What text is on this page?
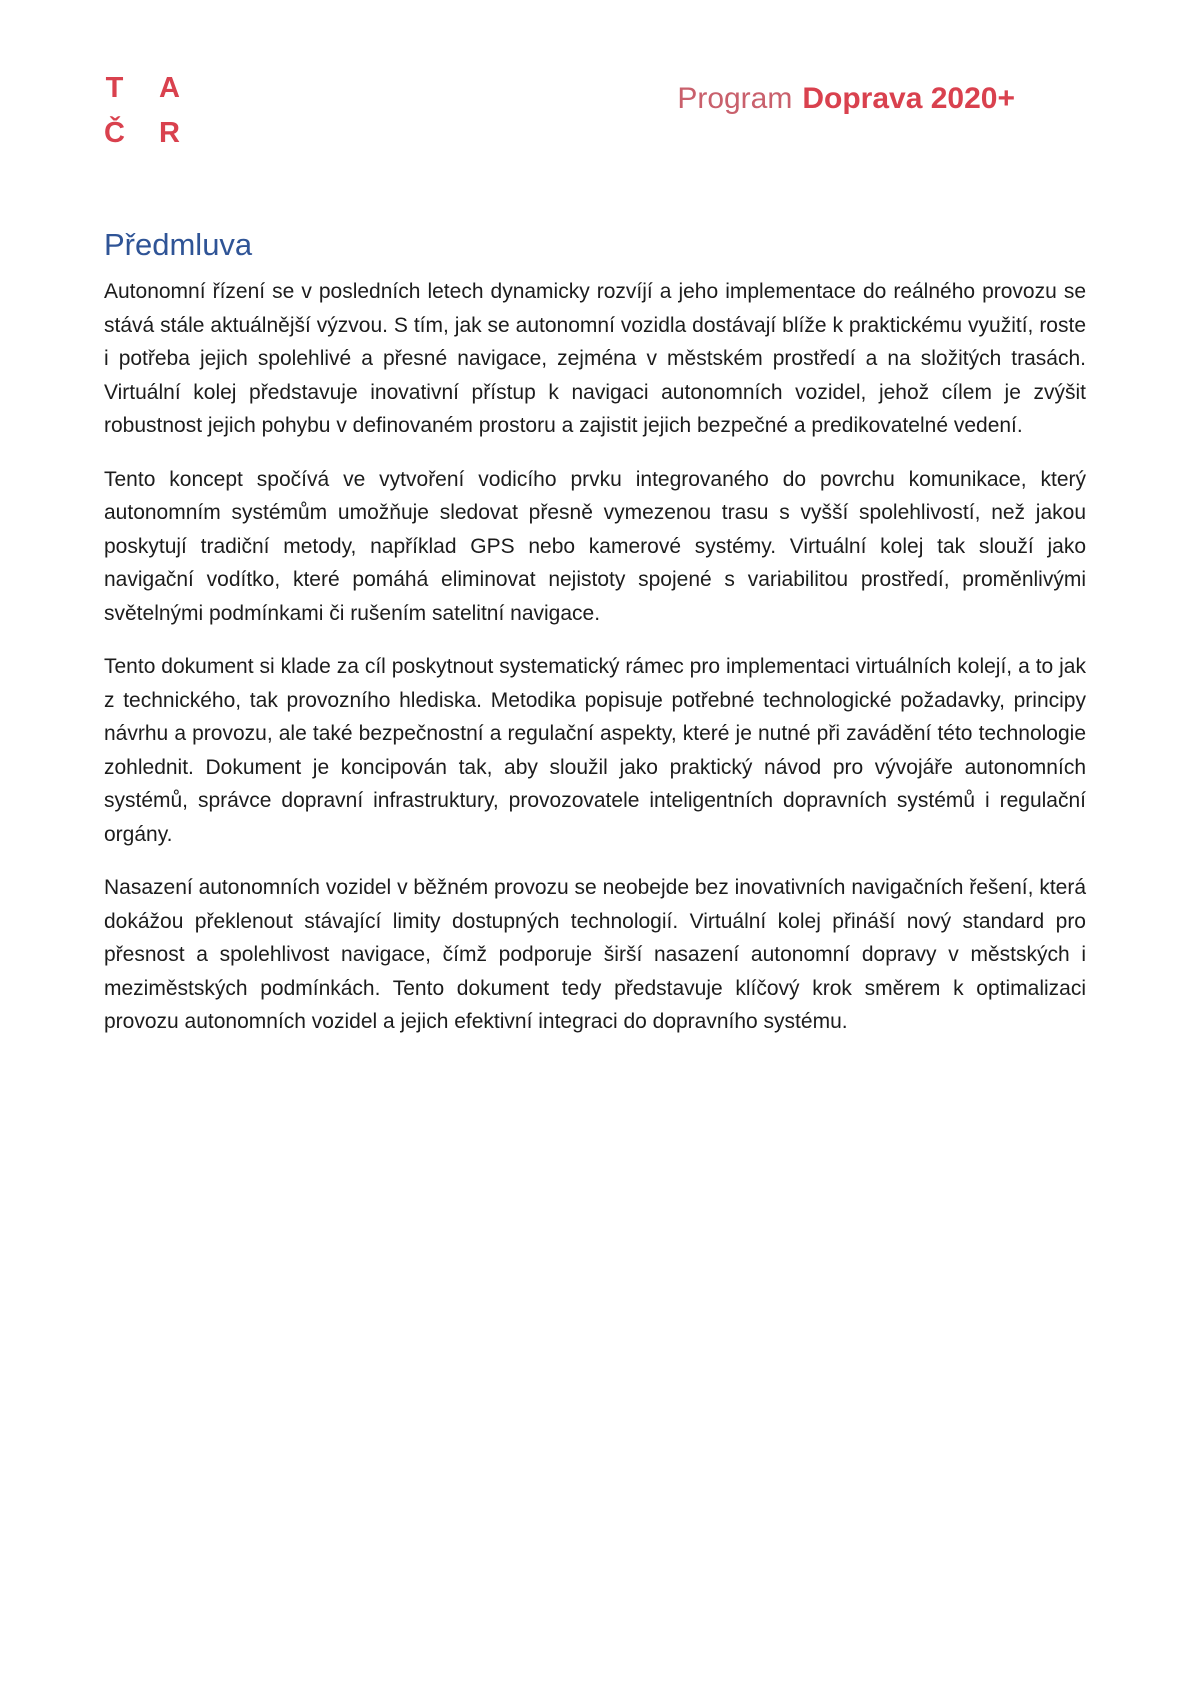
T A
Č R
Program Doprava 2020+
Předmluva

Autonomní řízení se v posledních letech dynamicky rozvíjí a jeho implementace do reálného provozu se stává stále aktuálnější výzvou. S tím, jak se autonomní vozidla dostávají blíže k praktickému využití, roste i potřeba jejich spolehlivé a přesné navigace, zejména v městském prostředí a na složitých trasách. Virtuální kolej představuje inovativní přístup k navigaci autonomních vozidel, jehož cílem je zvýšit robustnost jejich pohybu v definovaném prostoru a zajistit jejich bezpečné a predikovatelné vedení.

Tento koncept spočívá ve vytvoření vodicího prvku integrovaného do povrchu komunikace, který autonomním systémům umožňuje sledovat přesně vymezenou trasu s vyšší spolehlivostí, než jakou poskytují tradiční metody, například GPS nebo kamerové systémy. Virtuální kolej tak slouží jako navigační vodítko, které pomáhá eliminovat nejistoty spojené s variabilitou prostředí, proměnlivými světelnými podmínkami či rušením satelitní navigace.

Tento dokument si klade za cíl poskytnout systematický rámec pro implementaci virtuálních kolejí, a to jak z technického, tak provozního hlediska. Metodika popisuje potřebné technologické požadavky, principy návrhu a provozu, ale také bezpečnostní a regulační aspekty, které je nutné při zavádění této technologie zohlednit. Dokument je koncipován tak, aby sloužil jako praktický návod pro vývojáře autonomních systémů, správce dopravní infrastruktury, provozovatele inteligentních dopravních systémů i regulační orgány.

Nasazení autonomních vozidel v běžném provozu se neobejde bez inovativních navigačních řešení, která dokážou překlenout stávající limity dostupných technologií. Virtuální kolej přináší nový standard pro přesnost a spolehlivost navigace, čímž podporuje širší nasazení autonomní dopravy v městských i meziměstských podmínkách. Tento dokument tedy představuje klíčový krok směrem k optimalizaci provozu autonomních vozidel a jejich efektivní integraci do dopravního systému.
